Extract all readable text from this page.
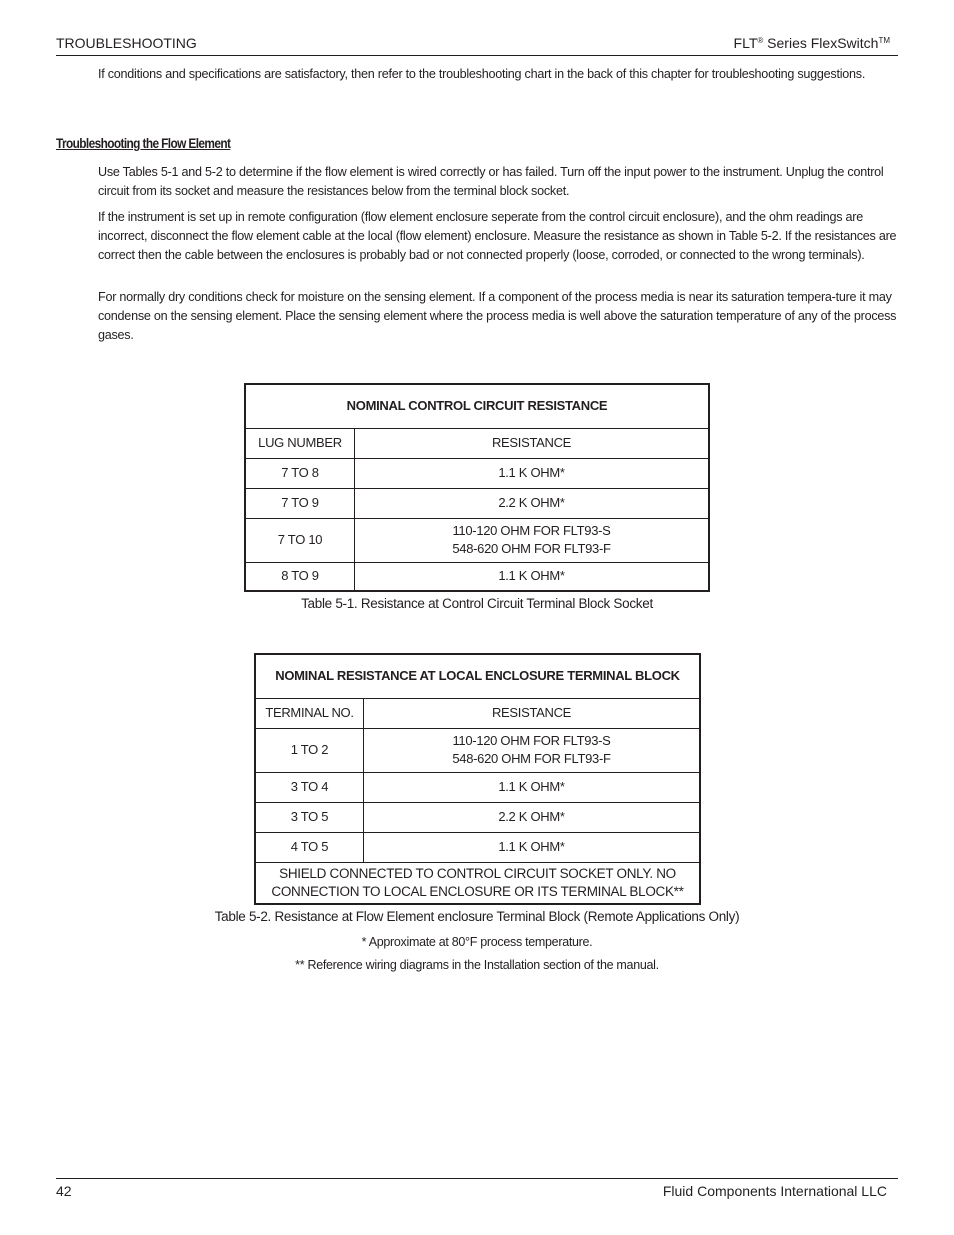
TROUBLESHOOTING	FLT® Series FlexSwitch™

If conditions and specifications are satisfactory, then refer to the troubleshooting chart in the back of this chapter for troubleshooting suggestions.

Troubleshooting the Flow Element

Use Tables 5-1 and 5-2 to determine if the flow element is wired correctly or has failed. Turn off the input power to the instrument. Unplug the control circuit from its socket and measure the resistances below from the terminal block socket.

If the instrument is set up in remote configuration (flow element enclosure seperate from the control circuit enclosure), and the ohm readings are incorrect, disconnect the flow element cable at the local (flow element) enclosure. Measure the resistance as shown in Table 5-2. If the resistances are correct then the cable between the enclosures is probably bad or not connected properly (loose, corroded, or connected to the wrong terminals).

For normally dry conditions check for moisture on the sensing element. If a component of the process media is near its saturation tempera-ture it may condense on the sensing element. Place the sensing element where the process media is well above the saturation temperature of any of the process gases.

NOMINAL CONTROL CIRCUIT RESISTANCE	
LUG NUMBER	RESISTANCE
7 TO 8	1.1 K OHM*
7 TO 9	2.2 K OHM*
7 TO 10	110-120 OHM FOR FLT93-S
548-620 OHM FOR FLT93-F

8 TO 9	1.1 K OHM*
Table 5-1. Resistance at Control Circuit Terminal Block Socket
NOMINAL RESISTANCE AT LOCAL ENCLOSURE TERMINAL BLOCK	
TERMINAL NO.	RESISTANCE
1 TO 2	110-120 OHM FOR FLT93-S
548-620 OHM FOR FLT93-F

3 TO 4	1.1 K OHM*
3 TO 5	2.2 K OHM*
4 TO 5	1.1 K OHM*

SHIELD CONNECTED TO CONTROL CIRCUIT SOCKET ONLY. NO
CONNECTION TO LOCAL ENCLOSURE OR ITS TERMINAL BLOCK**	
Table 5-2. Resistance at Flow Element enclosure Terminal Block (Remote Applications Only)
* Approximate at 80°F process temperature.
** Reference wiring diagrams in the Installation section of the manual.
42	Fluid Components International LLC
